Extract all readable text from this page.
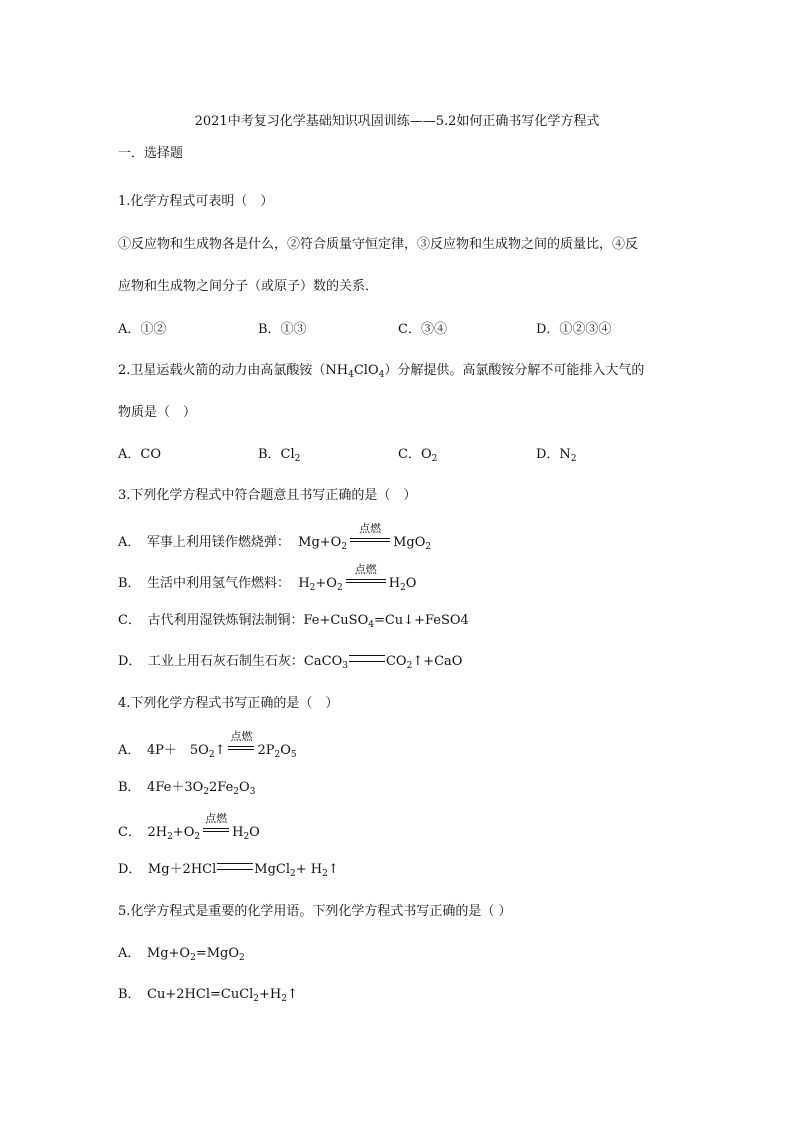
2021中考复习化学基础知识巩固训练——5.2如何正确书写化学方程式
一．选择题
1.化学方程式可表明（　）
①反应物和生成物各是什么，②符合质量守恒定律，③反应物和生成物之间的质量比，④反
应物和生成物之间分子（或原子）数的关系．
A．①②	B．①③	C．③④	D．①②③④
2.卫星运载火箭的动力由高氯酸铵$(NH_4ClO_4)$分解提供。高氯酸铵分解不可能排入大气的
物质是（　）
A．CO	B．$Cl_2$	C．$O_2$	D．$N_2$
3.下列化学方程式中符合题意且书写正确的是（　）
A．　军事上利用镁作燃烧弹： $Mg+O_2$
点燃
MgO$_2$
B．　生活中利用氢气作燃料： $H_2+O_2$
点燃
$H_2O$
C．　古代利用湿铁炼铜法制铜：Fe+CuSO$_4$=Cu↓+FeSO4
D．　工业上用石灰石制生石灰：CaCO$_3$	$CO_2↑+CaO$
4.下列化学方程式书写正确的是（　）
A．　4P＋　$5O_2↑$
点燃
$2P_2O_5$
B．　$4Fe+3O_22Fe_2O_3$
C．　$2H_2+O_2$
点燃
$H_2O$
D．　Mg＋2HCl	MgCl$_2$+ $H_2↑$
5.化学方程式是重要的化学用语。下列化学方程式书写正确的是（ ）
A．　$Mg+O_2=MgO_2$
B．　$Cu+2HCl=CuCl_2+H_2↑$
